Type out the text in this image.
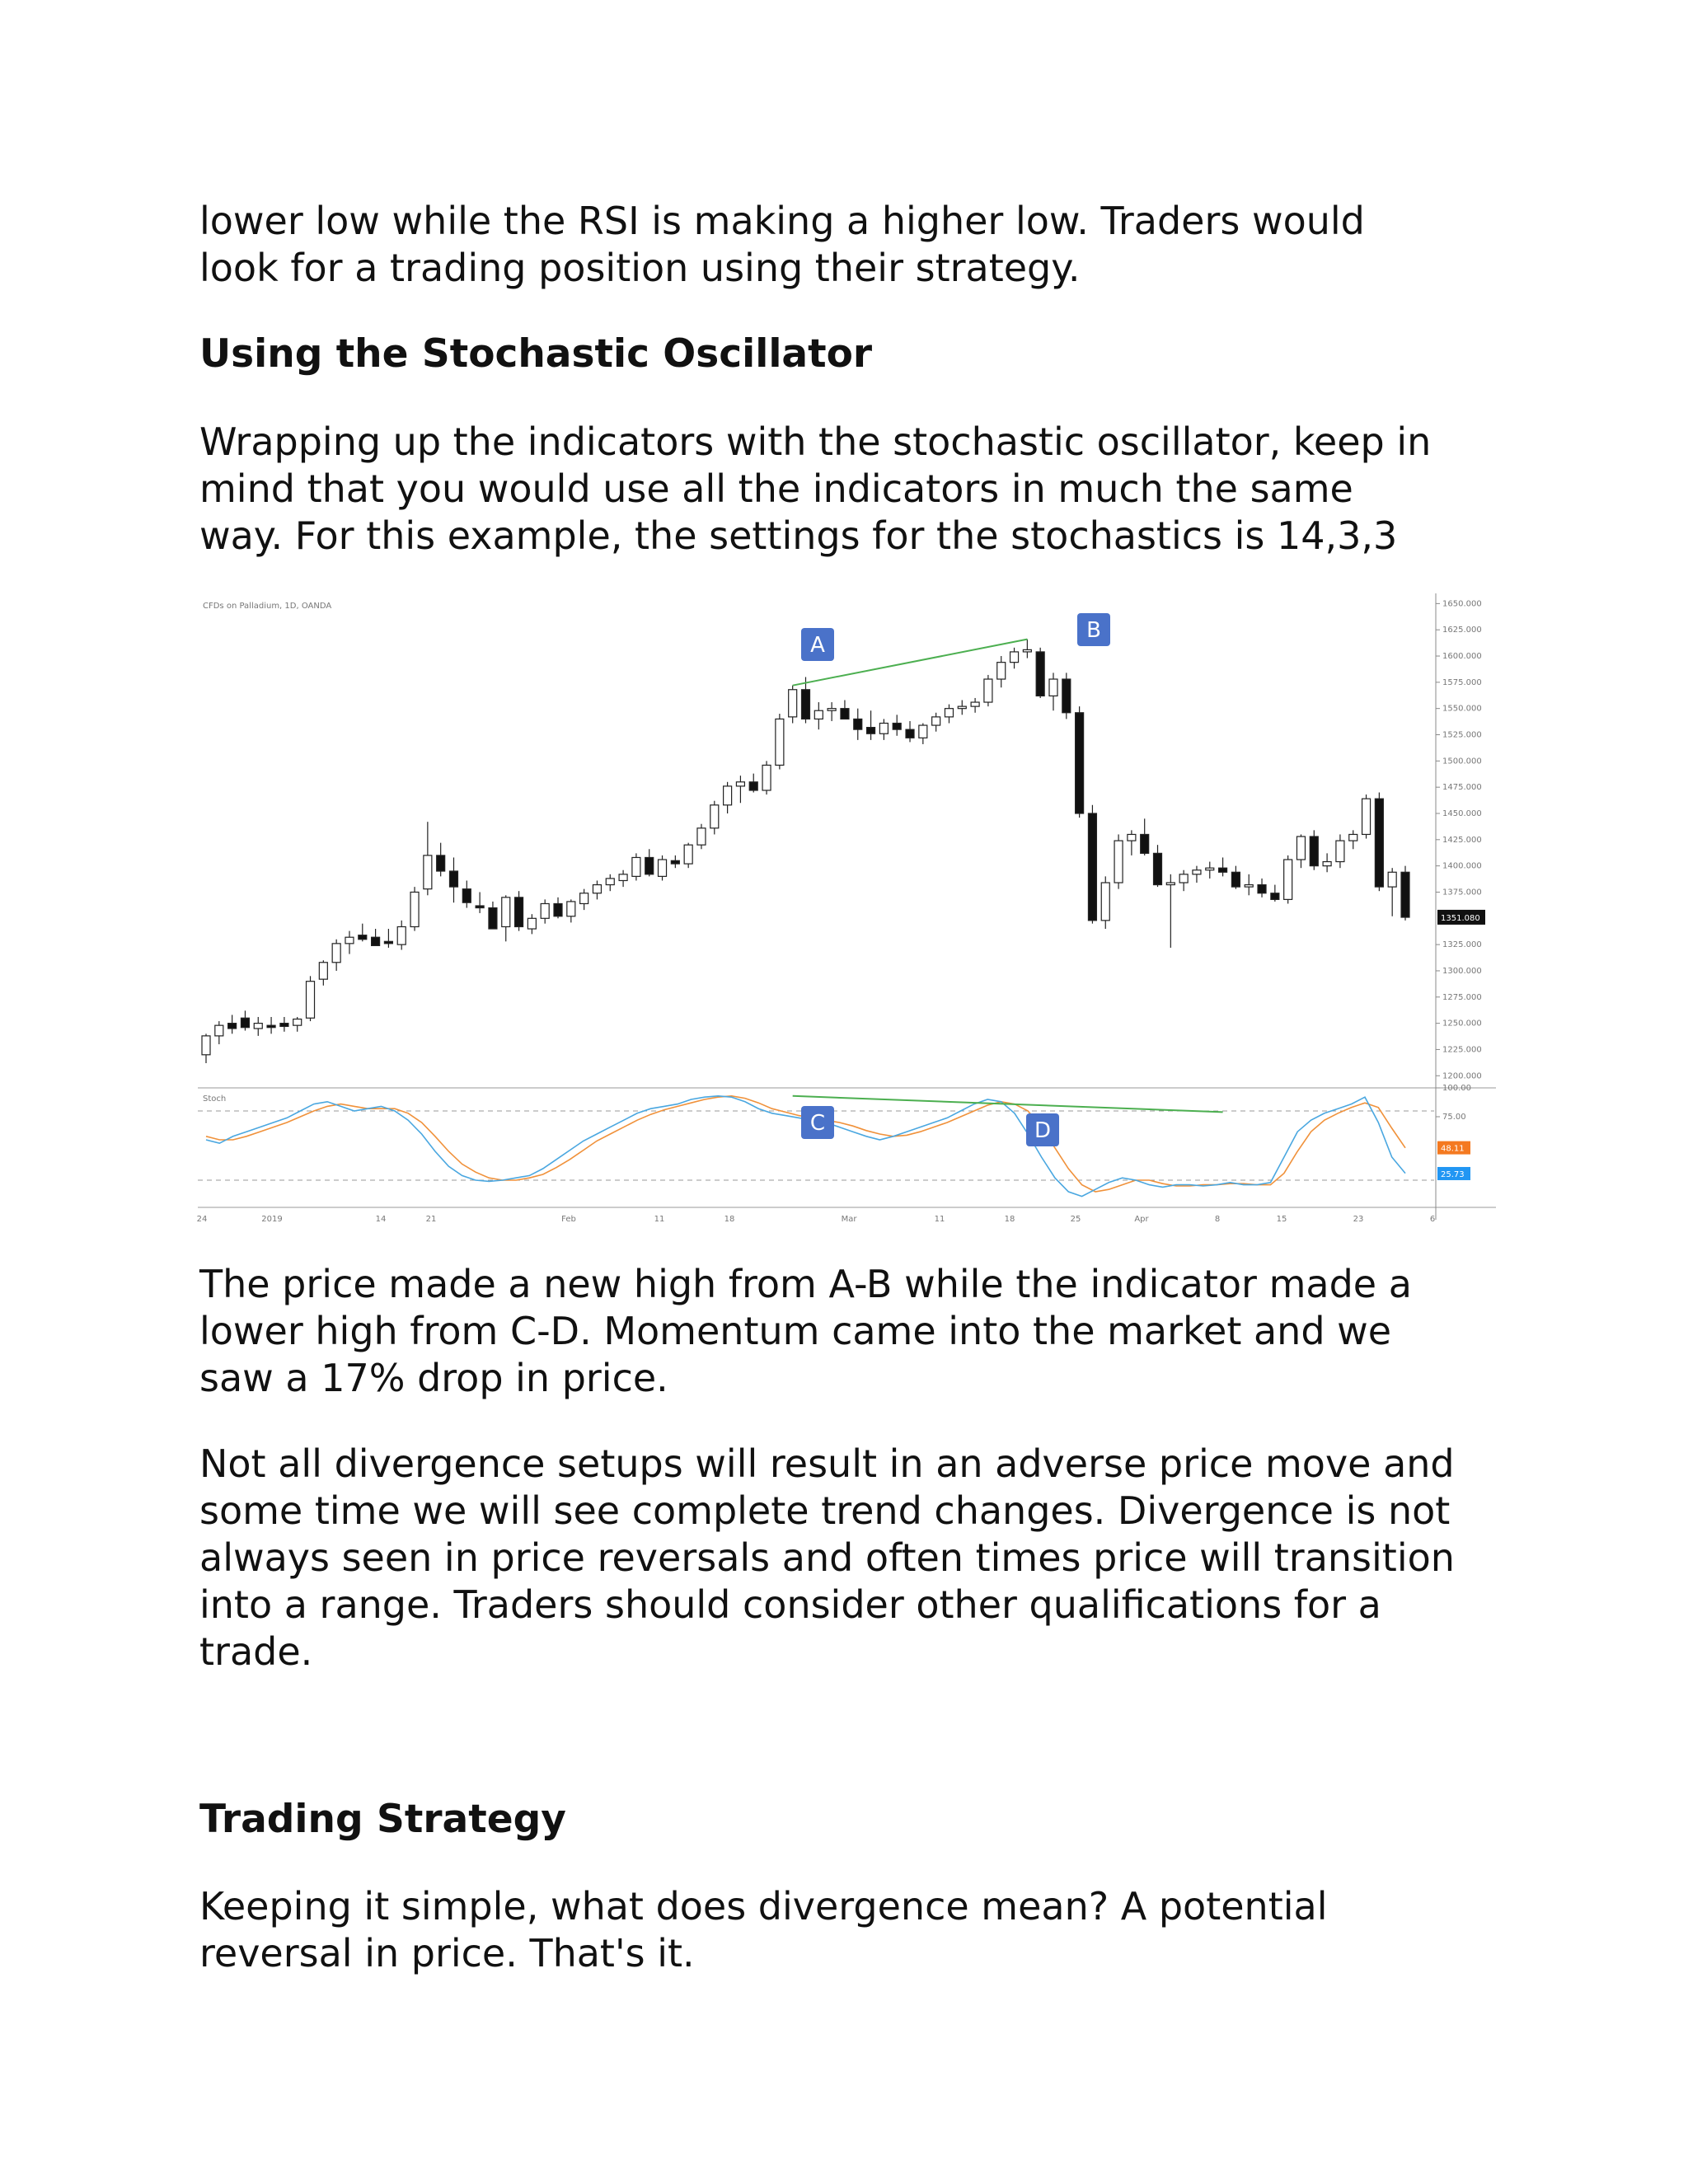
lower low while the RSI is making a higher low. Traders would
look for a trading position using their strategy.
Using the Stochastic Oscillator
Wrapping up the indicators with the stochastic oscillator, keep in
mind that you would use all the indicators in much the same
way. For this example, the settings for the stochastics is 14,3,3
CFDs on Palladium, 1D, OANDA
Stoch
1650.000
1625.000
1600.000
1575.000
1550.000
1525.000
1500.000
1475.000
1450.000
1425.000
1400.000
1375.000
1325.000
1300.000
1275.000
1250.000
1225.000
1200.000
1351.080
100.00
75.00
48.11
25.73
24	2019	14	21	Feb	11	18	Mar	11	18	25	Apr	8	15	23	6
A
B
C	D
The price made a new high from A-B while the indicator made a
lower high from C-D. Momentum came into the market and we
saw a 17% drop in price.
Not all divergence setups will result in an adverse price move and
some time we will see complete trend changes. Divergence is not
always seen in price reversals and often times price will transition
into a range. Traders should consider other qualifications for a
trade.
Trading Strategy
Keeping it simple, what does divergence mean? A potential
reversal in price. That's it.
